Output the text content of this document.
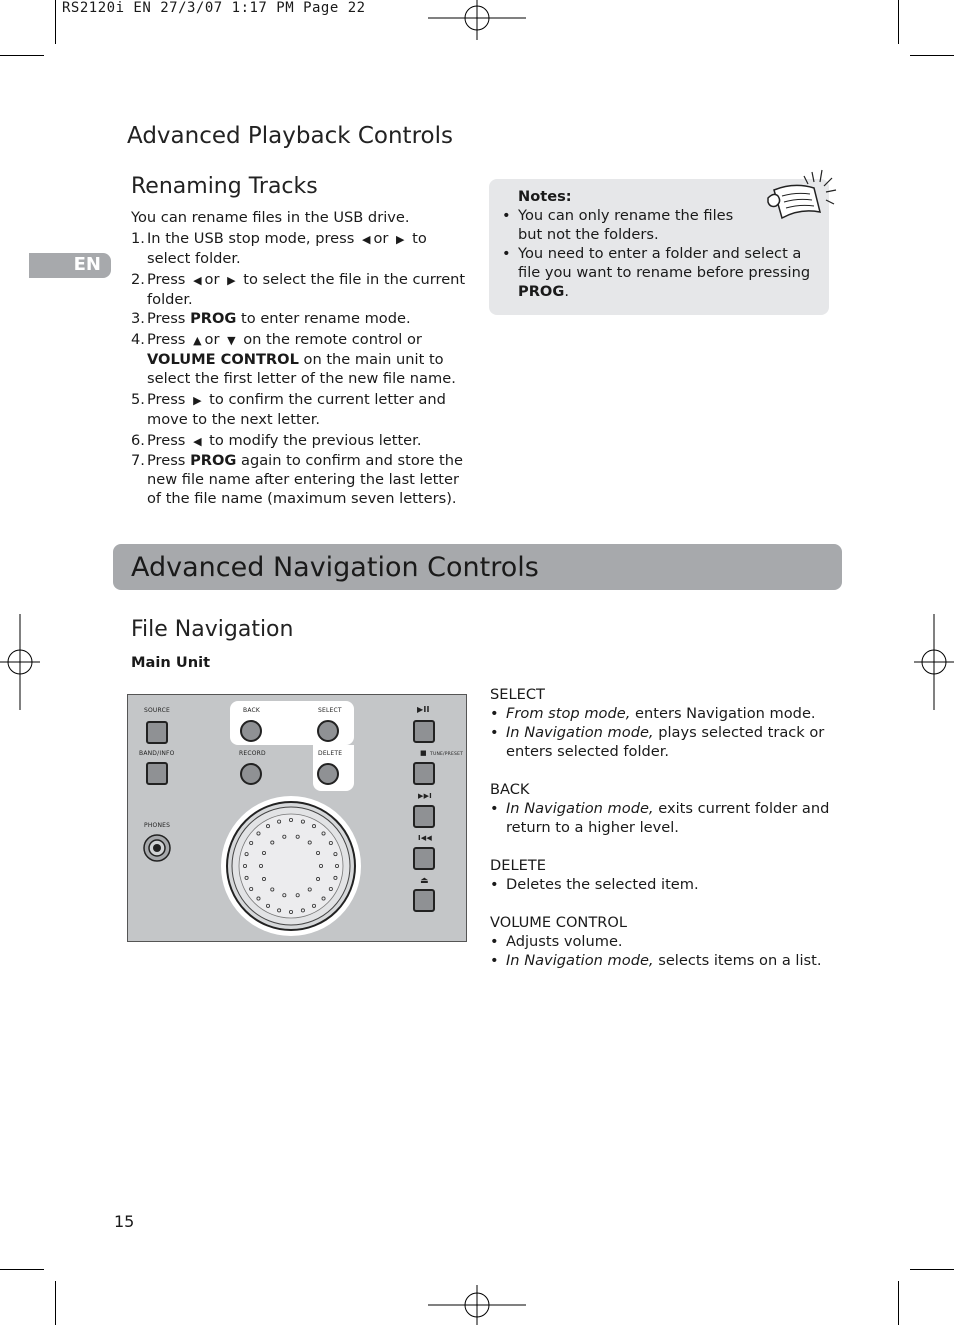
RS2120i EN 27/3/07 1:17 PM Page 22
EN
Advanced Playback Controls
Renaming Tracks
You can rename files in the USB drive.
1. In the USB stop mode, press ◀ or ▶ to select folder.
2. Press ◀ or ▶ to select the file in the current folder.
3. Press PROG to enter rename mode.
4. Press ▲ or ▼ on the remote control or VOLUME CONTROL on the main unit to select the first letter of the new file name.
5. Press ▶ to confirm the current letter and move to the next letter.
6. Press ◀ to modify the previous letter.
7. Press PROG again to confirm and store the new file name after entering the last letter of the file name (maximum seven letters).
Notes:
• You can only rename the files but not the folders.
• You need to enter a folder and select a file you want to rename before pressing PROG.
Advanced Navigation Controls
File Navigation
Main Unit
SOURCE	BACK	SELECT
BAND/INFO	RECORD	DELETE
▶II
■ TUNE/PRESET
▶▶I
I◀◀
⏏
PHONES
SELECT
• From stop mode, enters Navigation mode.
• In Navigation mode, plays selected track or enters selected folder.
BACK
• In Navigation mode, exits current folder and return to a higher level.
DELETE
• Deletes the selected item.
VOLUME CONTROL
• Adjusts volume.
• In Navigation mode, selects items on a list.
15
